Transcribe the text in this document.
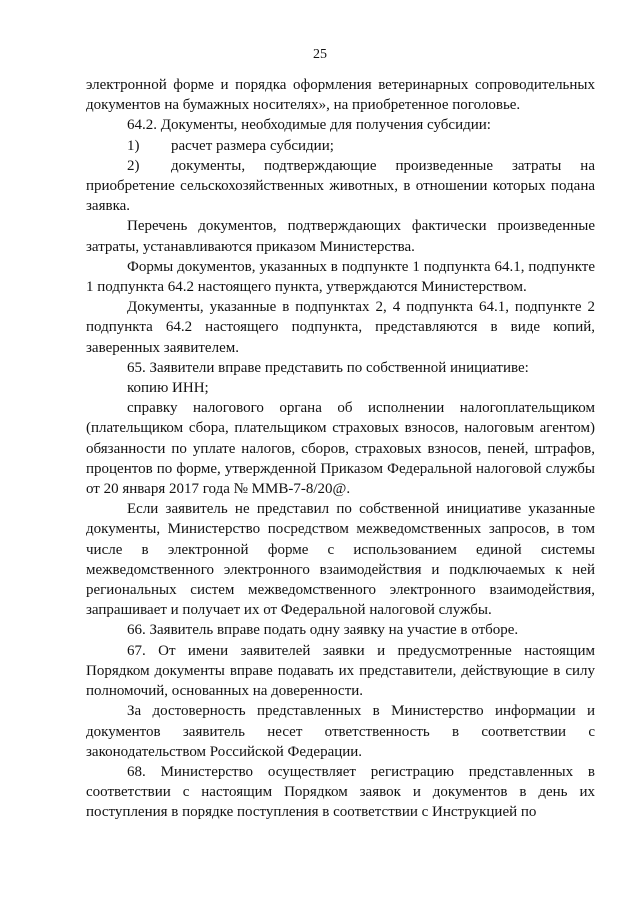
25

электронной форме и порядка оформления ветеринарных сопроводительных документов на бумажных носителях», на приобретенное поголовье.

64.2. Документы, необходимые для получения субсидии:

1)	расчет размера субсидии;
2) документы, подтверждающие произведенные затраты на приобретение сельскохозяйственных животных, в отношении которых подана заявка.

Перечень документов, подтверждающих фактически произведенные затраты, устанавливаются приказом Министерства.

Формы документов, указанных в подпункте 1 подпункта 64.1, подпункте 1 подпункта 64.2 настоящего пункта, утверждаются Министерством.

Документы, указанные в подпунктах 2, 4 подпункта 64.1, подпункте 2 подпункта 64.2 настоящего подпункта, представляются в виде копий, заверенных заявителем.

65. Заявители вправе представить по собственной инициативе:

копию ИНН;

справку налогового органа об исполнении налогоплательщиком (плательщиком сбора, плательщиком страховых взносов, налоговым агентом) обязанности по уплате налогов, сборов, страховых взносов, пеней, штрафов, процентов по форме, утвержденной Приказом Федеральной налоговой службы от 20 января 2017 года № ММВ-7-8/20@.

Если заявитель не представил по собственной инициативе указанные документы, Министерство посредством межведомственных запросов, в том числе в электронной форме с использованием единой системы межведомственного электронного взаимодействия и подключаемых к ней региональных систем межведомственного электронного взаимодействия, запрашивает и получает их от Федеральной налоговой службы.

66. Заявитель вправе подать одну заявку на участие в отборе.

67. От имени заявителей заявки и предусмотренные настоящим Порядком документы вправе подавать их представители, действующие в силу полномочий, основанных на доверенности.

За достоверность представленных в Министерство информации и документов заявитель несет ответственность в соответствии с законодательством Российской Федерации.

68. Министерство осуществляет регистрацию представленных в соответствии с настоящим Порядком заявок и документов в день их поступления в порядке поступления в соответствии с Инструкцией по
